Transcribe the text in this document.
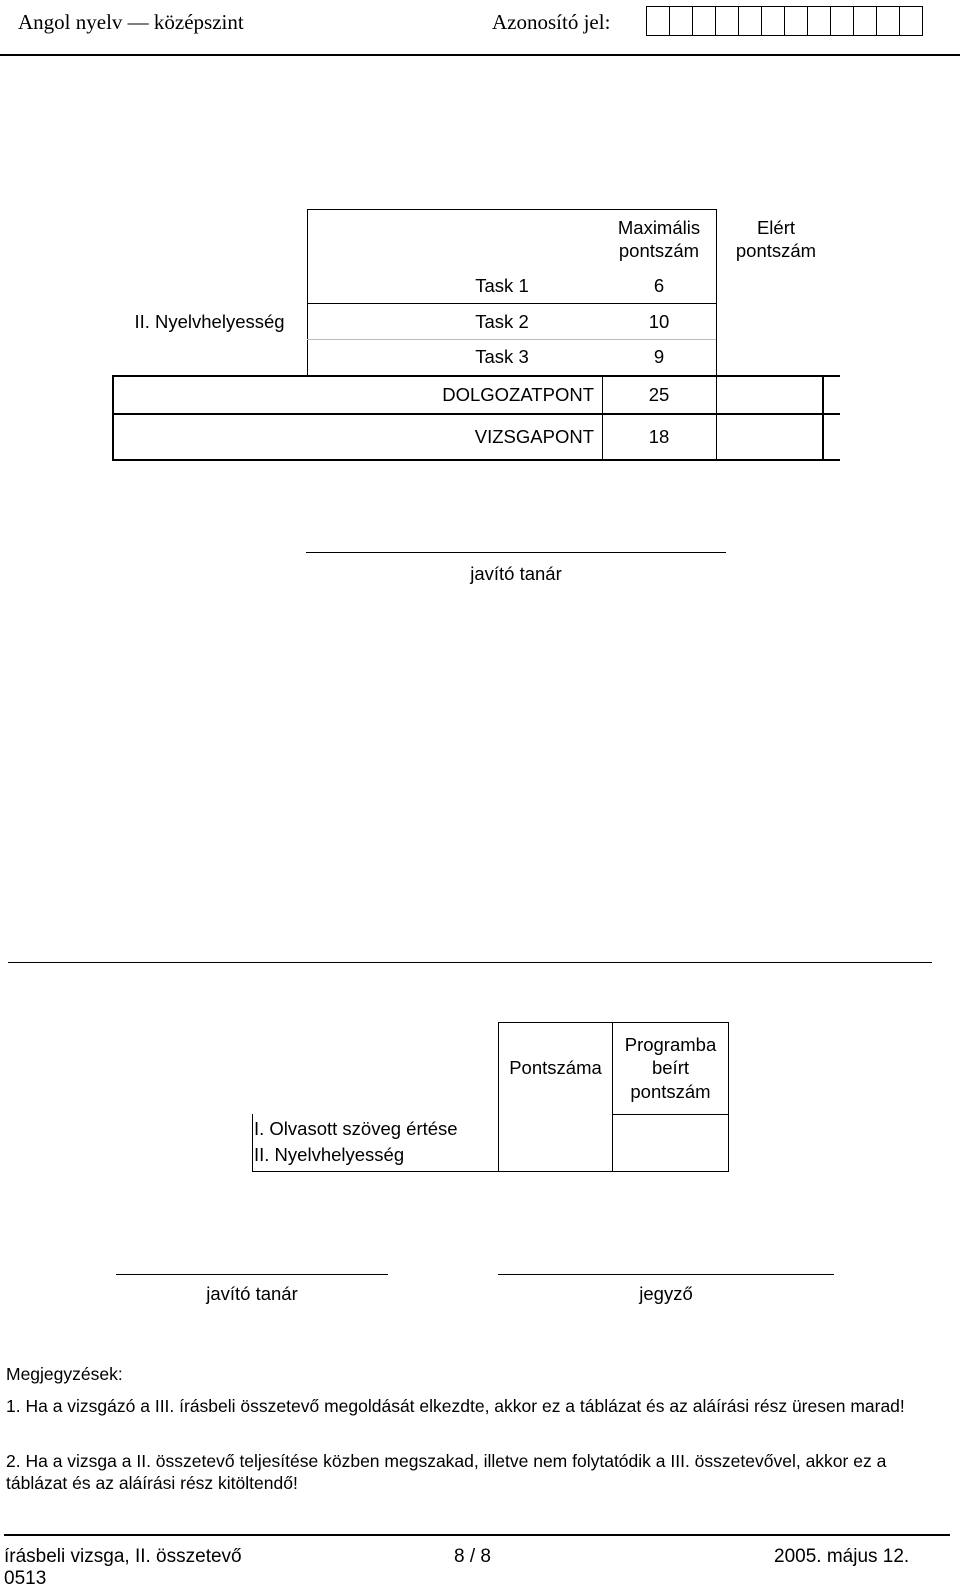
Angol nyelv — középszint	Azonosító jel:
Maximális pontszám
Elért pontszám
II. Nyelvhelyesség
Task 1	6
Task 2	10
Task 3	9
DOLGOZATPONT	25
VIZSGAPONT	18
javító tanár
Pontszáma
Programba beírt pontszám
I. Olvasott szöveg értése
II. Nyelvhelyesség
javító tanár	jegyző
Megjegyzések:
1. Ha a vizsgázó a III. írásbeli összetevő megoldását elkezdte, akkor ez a táblázat és az aláírási rész üresen marad!
2. Ha a vizsga a II. összetevő teljesítése közben megszakad, illetve nem folytatódik a III. összetevővel, akkor ez a táblázat és az aláírási rész kitöltendő!
írásbeli vizsga, II. összetevő
0513
8 / 8	2005. május 12.
